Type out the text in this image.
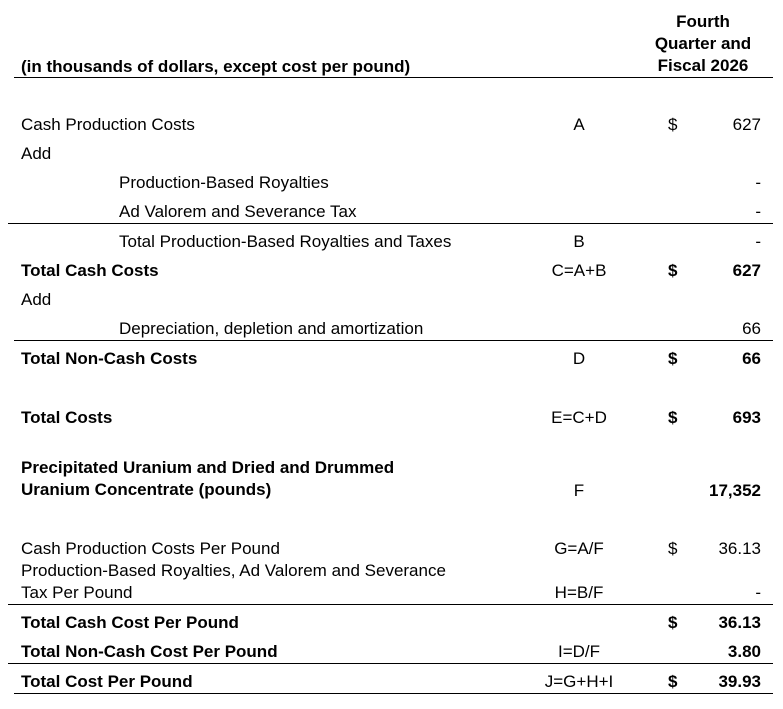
Fourth
Quarter and
Fiscal 2026
(in thousands of dollars, except cost per pound)
Cash Production Costs	A	$	627
Add
Production-Based Royalties	-
Ad Valorem and Severance Tax	-
Total Production-Based Royalties and Taxes	B	-
Total Cash Costs	C=A+B	$	627
Add
Depreciation, depletion and amortization	66
Total Non-Cash Costs	D	$	66
Total Costs	E=C+D	$	693
Precipitated Uranium and Dried and Drummed
Uranium Concentrate (pounds)	F	17,352
Cash Production Costs Per Pound	G=A/F	$ 36.13
Production-Based Royalties, Ad Valorem and Severance
Tax Per Pound	H=B/F	-
Total Cash Cost Per Pound	$ 36.13
Total Non-Cash Cost Per Pound	I=D/F	3.80
Total Cost Per Pound	J=G+H+I	$ 39.93
